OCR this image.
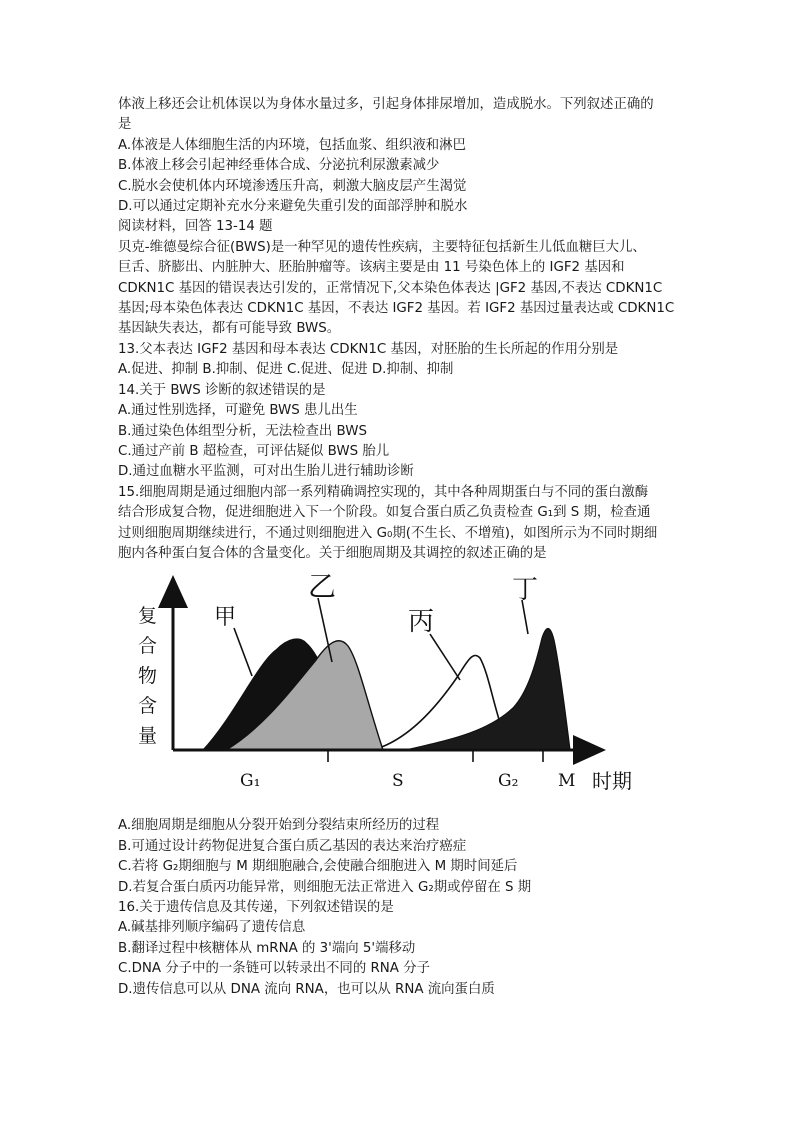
体液上移还会让机体误以为身体水量过多，引起身体排尿增加，造成脱水。下列叙述正确的
是
A.体液是人体细胞生活的内环境，包括血浆、组织液和淋巴
B.体液上移会引起神经垂体合成、分泌抗利尿激素减少
C.脱水会使机体内环境渗透压升高，刺激大脑皮层产生渴觉
D.可以通过定期补充水分来避免失重引发的面部浮肿和脱水
阅读材料，回答 13-14 题
贝克-维德曼综合征(BWS)是一种罕见的遗传性疾病，主要特征包括新生儿低血糖巨大儿、
巨舌、脐膨出、内脏肿大、胚胎肿瘤等。该病主要是由 11 号染色体上的 IGF2 基因和
CDKN1C 基因的错误表达引发的，正常情况下,父本染色体表达 |GF2 基因,不表达 CDKN1C
基因;母本染色体表达 CDKN1C 基因，不表达 IGF2 基因。若 IGF2 基因过量表达或 CDKN1C
基因缺失表达，都有可能导致 BWS。
13.父本表达 IGF2 基因和母本表达 CDKN1C 基因，对胚胎的生长所起的作用分别是
A.促进、抑制 B.抑制、促进 C.促进、促进 D.抑制、抑制
14.关于 BWS 诊断的叙述错误的是
A.通过性别选择，可避免 BWS 患儿出生
B.通过染色体组型分析，无法检查出 BWS
C.通过产前 B 超检查，可评估疑似 BWS 胎儿
D.通过血糖水平监测，可对出生胎儿进行辅助诊断
15.细胞周期是通过细胞内部一系列精确调控实现的，其中各种周期蛋白与不同的蛋白激酶
结合形成复合物，促进细胞进入下一个阶段。如复合蛋白质乙负责检查 G₁到 S 期，检查通
过则细胞周期继续进行，不通过则细胞进入 G₀期(不生长、不增殖)，如图所示为不同时期细
胞内各种蛋白复合体的含量变化。关于细胞周期及其调控的叙述正确的是
复
合
物
含
量
甲
乙
丙
丁
G₁	S	G₂ M 时期
A.细胞周期是细胞从分裂开始到分裂结束所经历的过程
B.可通过设计药物促进复合蛋白质乙基因的表达来治疗癌症
C.若将 G₂期细胞与 M 期细胞融合,会使融合细胞进入 M 期时间延后
D.若复合蛋白质丙功能异常，则细胞无法正常进入 G₂期或停留在 S 期
16.关于遗传信息及其传递，下列叙述错误的是
A.碱基排列顺序编码了遗传信息
B.翻译过程中核糖体从 mRNA 的 3'端向 5'端移动
C.DNA 分子中的一条链可以转录出不同的 RNA 分子
D.遗传信息可以从 DNA 流向 RNA，也可以从 RNA 流向蛋白质
